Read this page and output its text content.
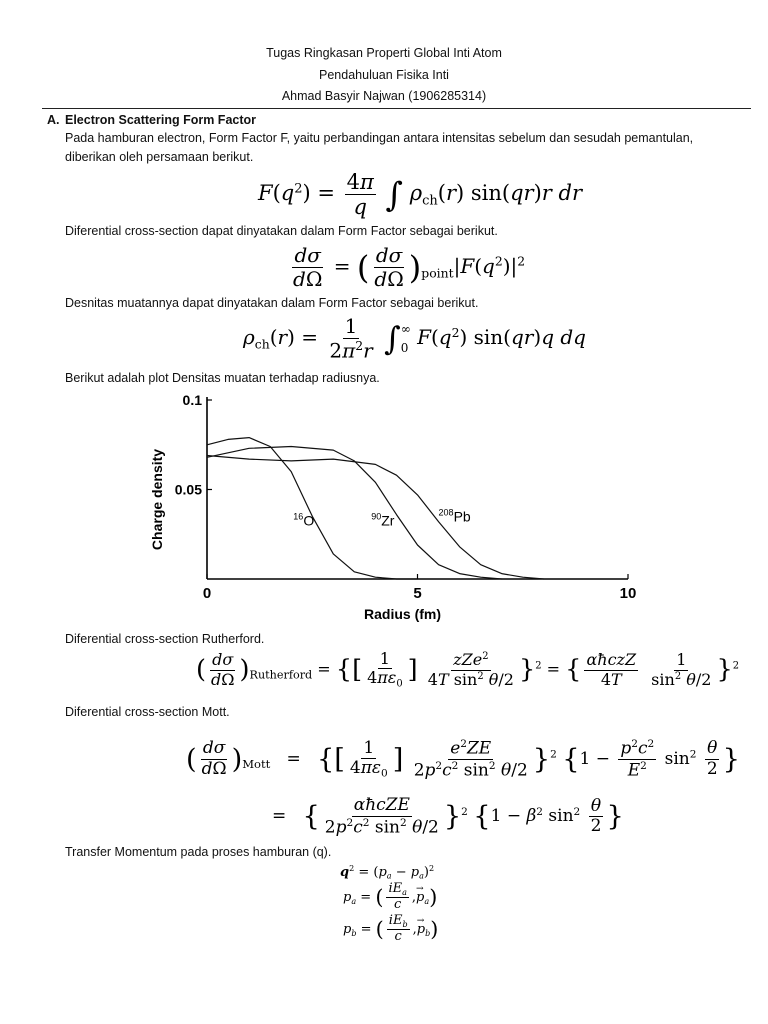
Tugas Ringkasan Properti Global Inti Atom
Pendahuluan Fisika Inti
Ahmad Basyir Najwan (1906285314)
A. Electron Scattering Form Factor
Pada hamburan electron, Form Factor F, yaitu perbandingan antara intensitas sebelum dan sesudah pemantulan, diberikan oleh persamaan berikut.
$F(q^2) = \frac{4\pi}{q}$ ∫ $\rho_{ch}(r)$ sin(qr)r dr
Diferential cross-section dapat dinyatakan dalam Form Factor sebagai berikut.
$\frac{d\sigma}{d\Omega}$ = ( $\frac{d\sigma}{d\Omega} )_{point}|F(q^2)|^2$
Desnitas muatannya dapat dinyatakan dalam Form Factor sebagai berikut.
$\rho_{ch}(r) = \frac{1}{2\pi^2r}$ ∫ ∞
0 $F(q^2)$ sin(qr)q dq
Berikut adalah plot Densitas muatan terhadap radiusnya.
0	5	10
0.1
0.05
Radius (fm)
Charge density	$^{16}$O	$^{90}$Zr	$^{208}$Pb
Diferential cross-section Rutherford.
( $\frac{d\sigma}{d\Omega} )_{Rutherford}$ = {[ $\frac{1}{4\pi\varepsilon_0}$ ] $\frac{zZe^2}{4T \sin^2 \theta/2} \}^2$ = { $\frac{\text{αħczZ}}{4T}$
$\frac{1}{\sin^2 \theta/2} \}^2$
Diferential cross-section Mott.
( $\frac{d\sigma}{d\Omega} )_{Mott}$   =   {[ $\frac{1}{4\pi\varepsilon_0}$ ] $\frac{e^2ZE}{2p^2c^2 \sin^2 \theta/2} \}^2$ {$1 - \frac{p^2c^2}{E^2} \sin^2 \frac{\theta}{2}$ }
=   { $\frac{\text{αħcZE}}{2p^2c^2 \sin^2 \theta/2} \}^2$ {$1 - \beta^2$ $\sin^2 \frac{\theta}{2}$ }
Transfer Momentum pada proses hamburan (q).
$q^2 = (p_a - p_a)^2$
$p_a$ = ( $\frac{iE_a}{c}$ ,→ $p_a$)
$p_b$ = ( $\frac{iE_b}{c}$ ,→ $p_b$)
